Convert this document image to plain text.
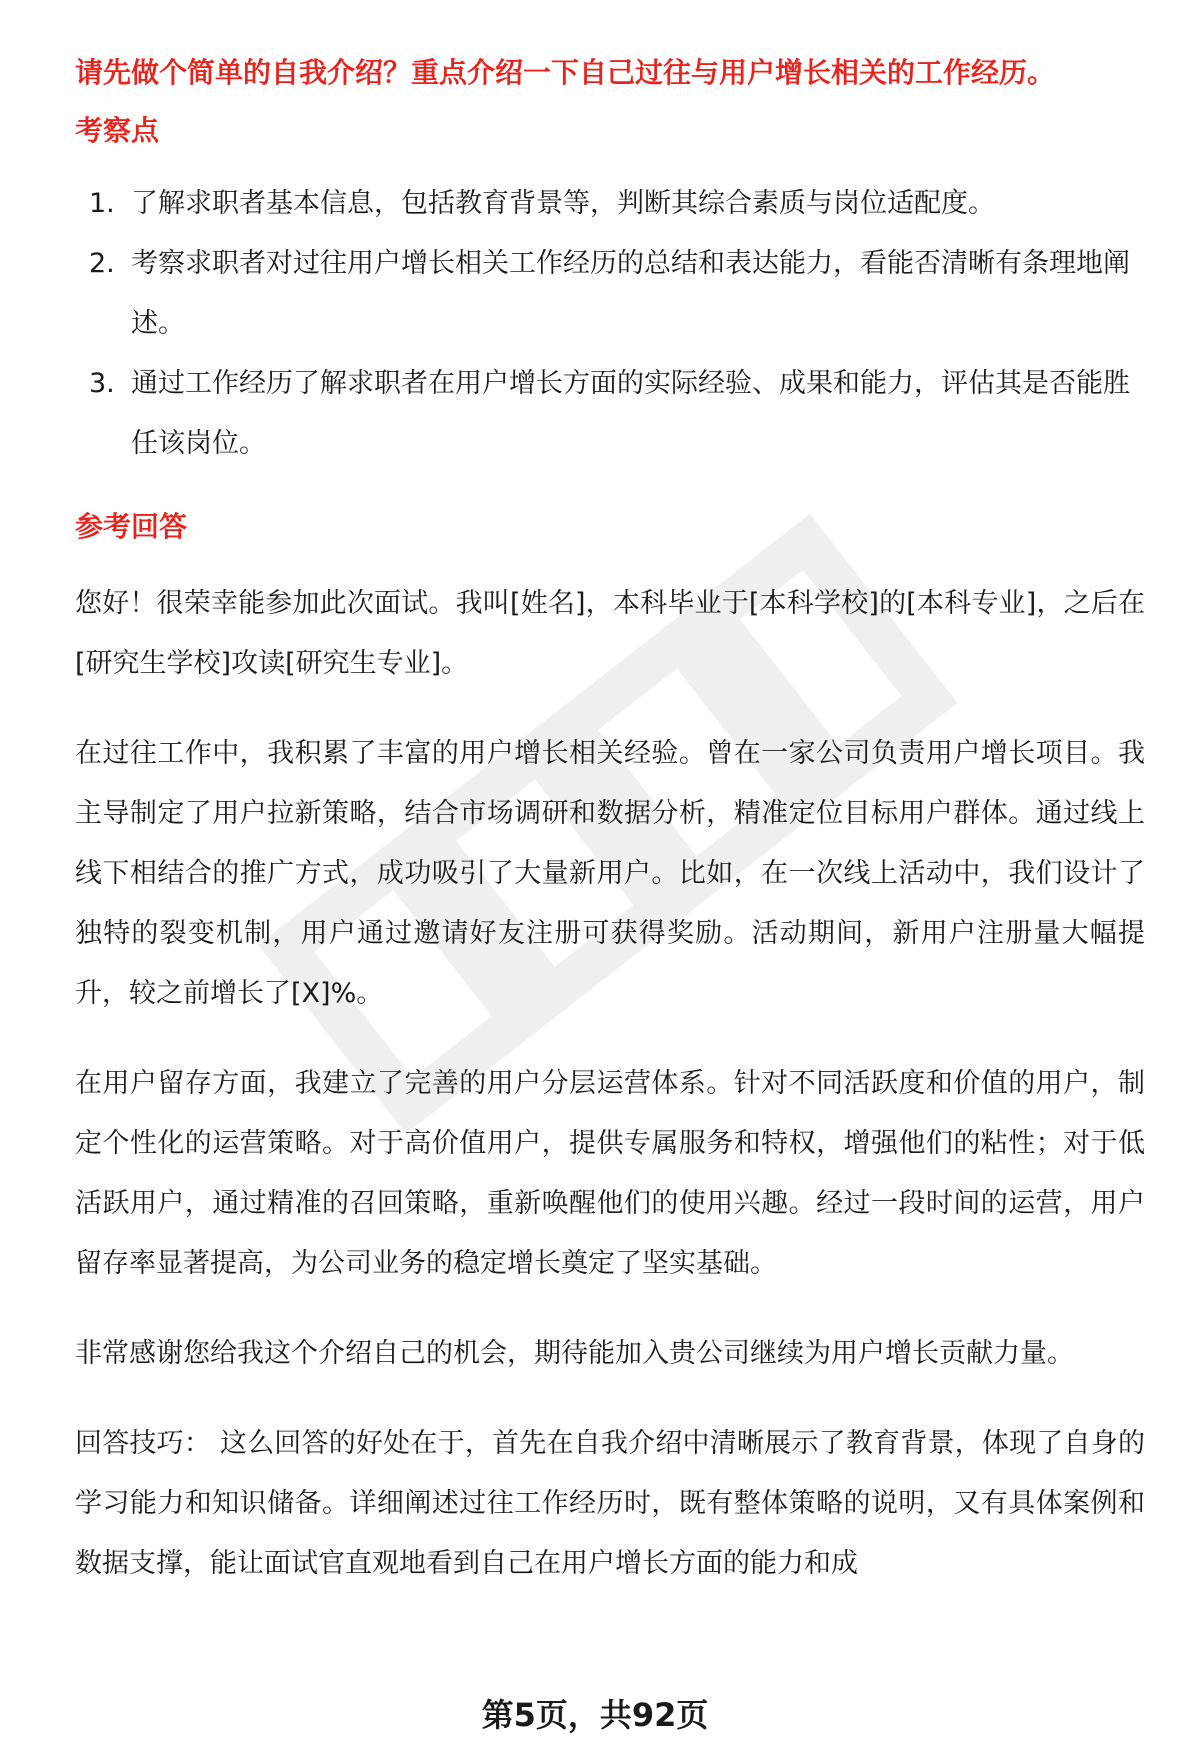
请先做个简单的自我介绍？重点介绍一下自己过往与用户增长相关的工作经历。

考察点
1. 了解求职者基本信息，包括教育背景等，判断其综合素质与岗位适配度。
2. 考察求职者对过往用户增长相关工作经历的总结和表达能力，看能否清晰有条理地阐述。
3. 通过工作经历了解求职者在用户增长方面的实际经验、成果和能力，评估其是否能胜任该岗位。
参考回答

您好！很荣幸能参加此次面试。我叫[姓名]，本科毕业于[本科学校]的[本科专业]，之后在[研究生学校]攻读[研究生专业]。

在过往工作中，我积累了丰富的用户增长相关经验。曾在一家公司负责用户增长项目。我主导制定了用户拉新策略，结合市场调研和数据分析，精准定位目标用户群体。通过线上线下相结合的推广方式，成功吸引了大量新用户。比如，在一次线上活动中，我们设计了独特的裂变机制，用户通过邀请好友注册可获得奖励。活动期间，新用户注册量大幅提升，较之前增长了[X]%。

在用户留存方面，我建立了完善的用户分层运营体系。针对不同活跃度和价值的用户，制定个性化的运营策略。对于高价值用户，提供专属服务和特权，增强他们的粘性；对于低活跃用户，通过精准的召回策略，重新唤醒他们的使用兴趣。经过一段时间的运营，用户留存率显著提高，为公司业务的稳定增长奠定了坚实基础。

非常感谢您给我这个介绍自己的机会，期待能加入贵公司继续为用户增长贡献力量。

回答技巧： 这么回答的好处在于，首先在自我介绍中清晰展示了教育背景，体现了自身的学习能力和知识储备。详细阐述过往工作经历时，既有整体策略的说明，又有具体案例和数据支撑，能让面试官直观地看到自己在用户增长方面的能力和成

第5页，共92页
